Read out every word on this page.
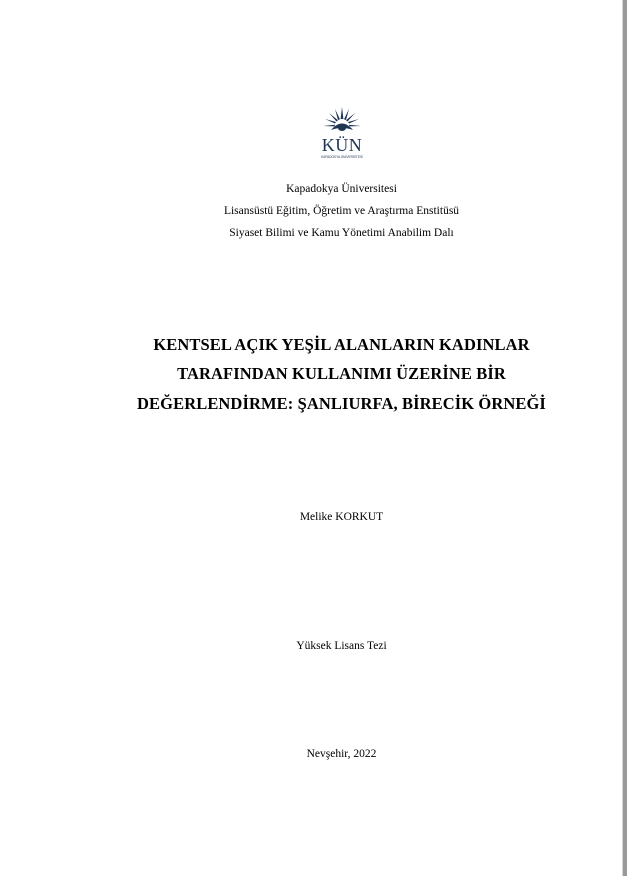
KÜN
KAPADOKYA ÜNİVERSİTESİ
Kapadokya Üniversitesi
Lisansüstü Eğitim, Öğretim ve Araştırma Enstitüsü
Siyaset Bilimi ve Kamu Yönetimi Anabilim Dalı
KENTSEL AÇIK YEŞİL ALANLARIN KADINLAR
TARAFINDAN KULLANIMI ÜZERİNE BİR
DEĞERLENDİRME: ŞANLIURFA, BİRECİK ÖRNEĞİ
Melike KORKUT
Yüksek Lisans Tezi
Nevşehir, 2022
